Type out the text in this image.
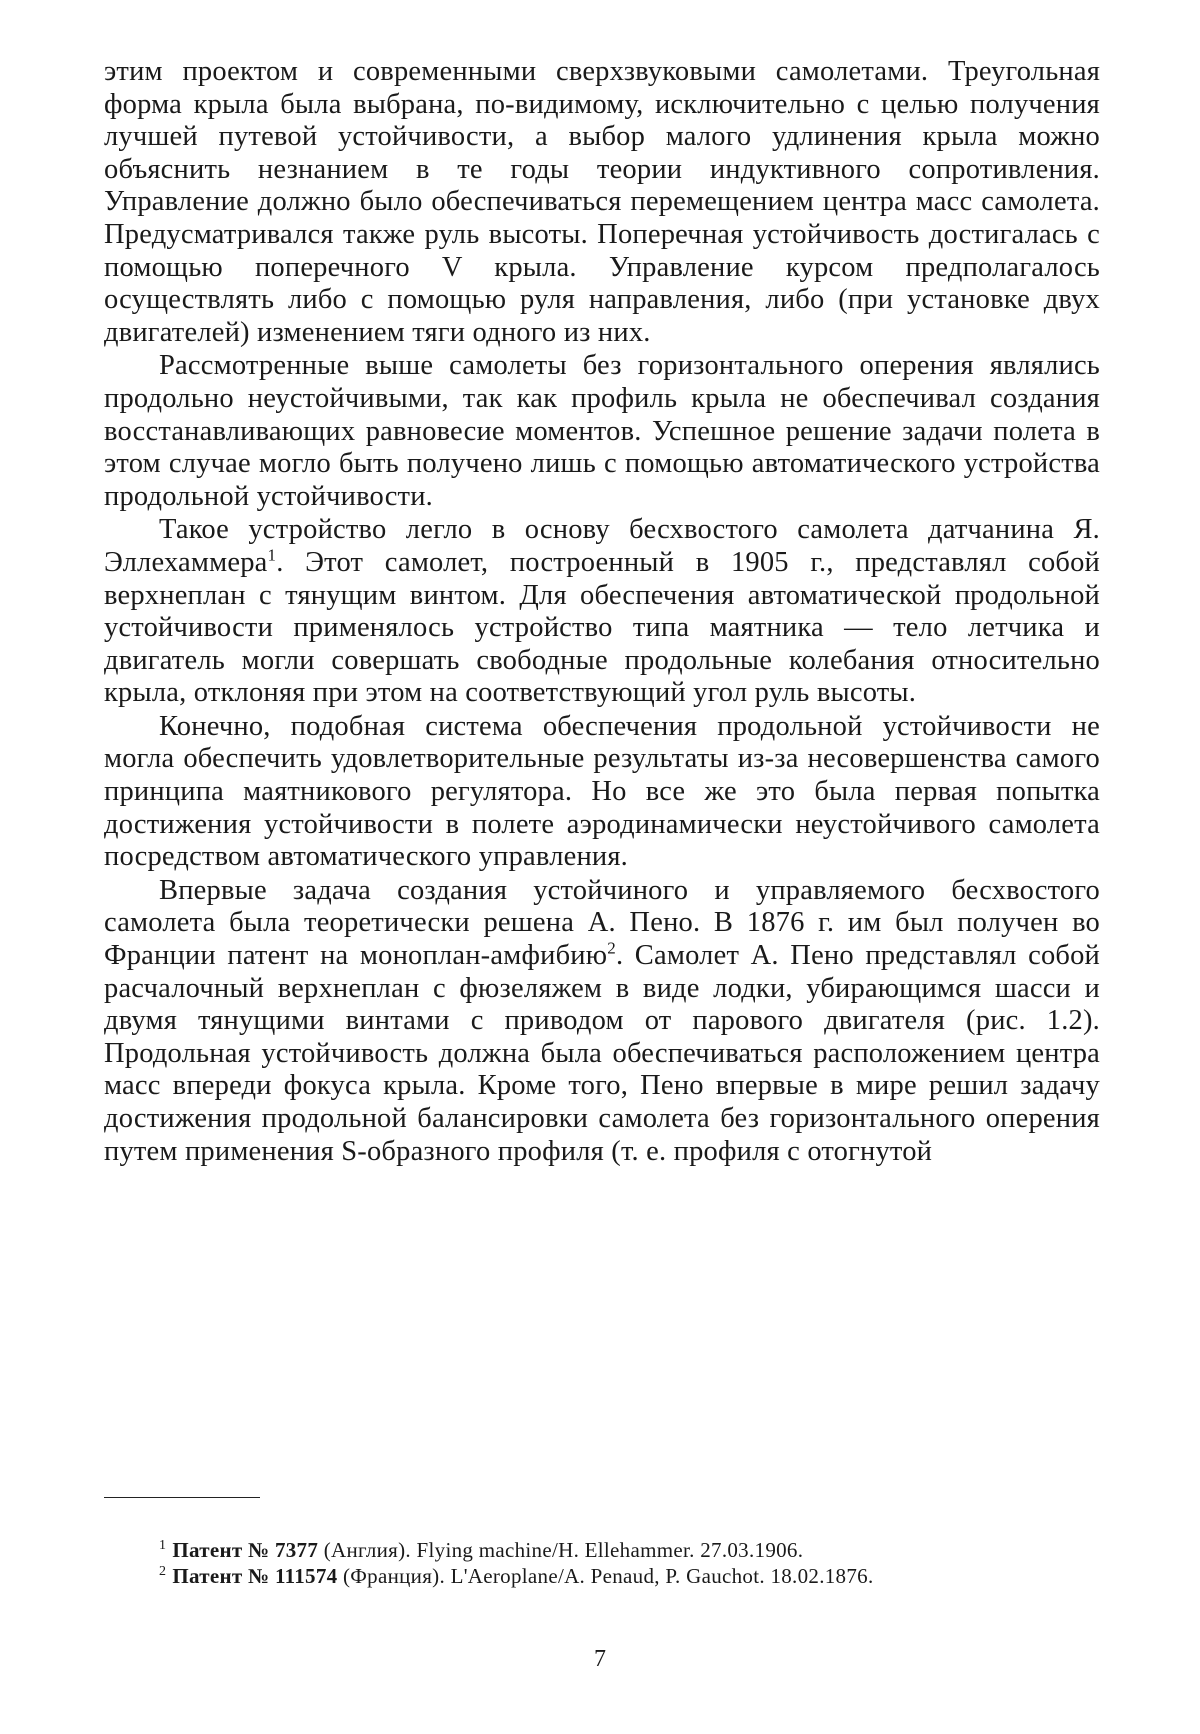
этим проектом и современными сверхзвуковыми самолетами. Треугольная форма крыла была выбрана, по-видимому, исключительно с целью получения лучшей путевой устойчивости, а выбор малого удлинения крыла можно объяснить незнанием в те годы теории индуктивного сопротивления. Управление должно было обеспечиваться перемещением центра масс самолета. Предусматривался также руль высоты. Поперечная устойчивость достигалась с помощью поперечного V крыла. Управление курсом предполагалось осуществлять либо с помощью руля направления, либо (при установке двух двигателей) изменением тяги одного из них.

Рассмотренные выше самолеты без горизонтального оперения являлись продольно неустойчивыми, так как профиль крыла не обеспечивал создания восстанавливающих равновесие моментов. Успешное решение задачи полета в этом случае могло быть получено лишь с помощью автоматического устройства продольной устойчивости.

Такое устройство легло в основу бесхвостого самолета датчанина Я. Эллехаммера$^1$. Этот самолет, построенный в 1905 г., представлял собой верхнеплан с тянущим винтом. Для обеспечения автоматической продольной устойчивости применялось устройство типа маятника — тело летчика и двигатель могли совершать свободные продольные колебания относительно крыла, отклоняя при этом на соответствующий угол руль высоты.

Конечно, подобная система обеспечения продольной устойчивости не могла обеспечить удовлетворительные результаты из-за несовершенства самого принципа маятникового регулятора. Но все же это была первая попытка достижения устойчивости в полете аэродинамически неустойчивого самолета посредством автоматического управления.

Впервые задача создания устойчиного и управляемого бесхвостого самолета была теоретически решена А. Пено. В 1876 г. им был получен во Франции патент на моноплан-амфибию$^2$. Самолет А. Пено представлял собой расчалочный верхнеплан с фюзеляжем в виде лодки, убирающимся шасси и двумя тянущими винтами с приводом от парового двигателя (рис. 1.2). Продольная устойчивость должна была обеспечиваться расположением центра масс впереди фокуса крыла. Кроме того, Пено впервые в мире решил задачу достижения продольной балансировки самолета без горизонтального оперения путем применения S-образного профиля (т. е. профиля с отогнутой

$^1$ Патент № 7377 (Англия). Flying machine/H. Ellehammer. 27.03.1906.

$^2$ Патент № 111574 (Франция). L'Aeroplane/A. Penaud, P. Gauchot. 18.02.1876.

7
